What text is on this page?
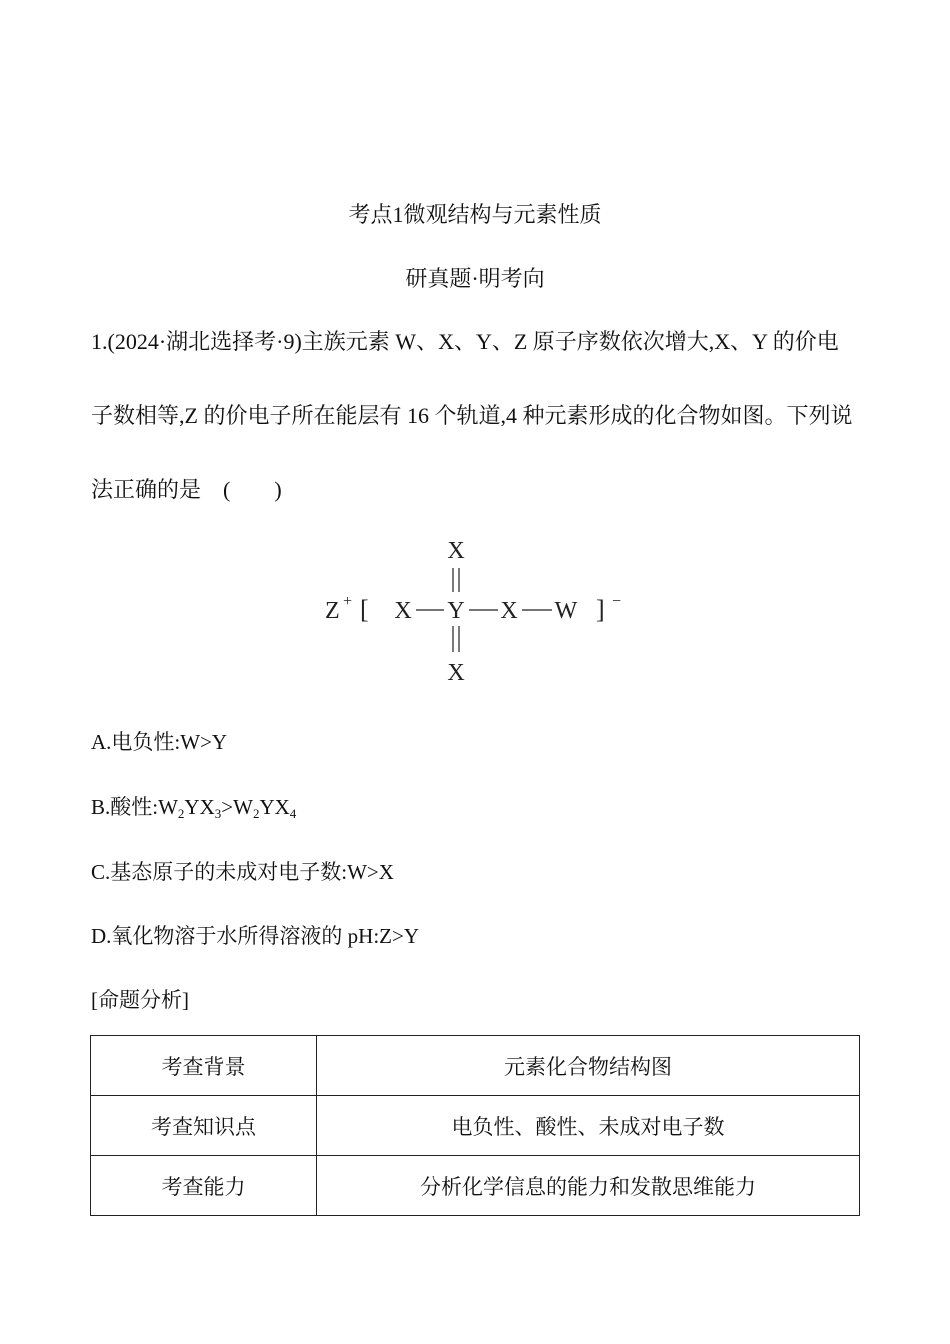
考点1微观结构与元素性质
研真题·明考向

1.(2024·湖北选择考·9)主族元素 W、X、Y、Z 原子序数依次增大,X、Y 的价电

子数相等,Z 的价电子所在能层有 16 个轨道,4 种元素形成的化合物如图。下列说

法正确的是　(　　)

X
Z + [ X Y X W ] −
X
A.电负性:W>Y
B.酸性$:W_2YX_3>W_2YX_4$
C.基态原子的未成对电子数:W>X
D.氧化物溶于水所得溶液的 pH:Z>Y
[命题分析]
考查背景	元素化合物结构图
考查知识点	电负性、酸性、未成对电子数
考查能力	分析化学信息的能力和发散思维能力
